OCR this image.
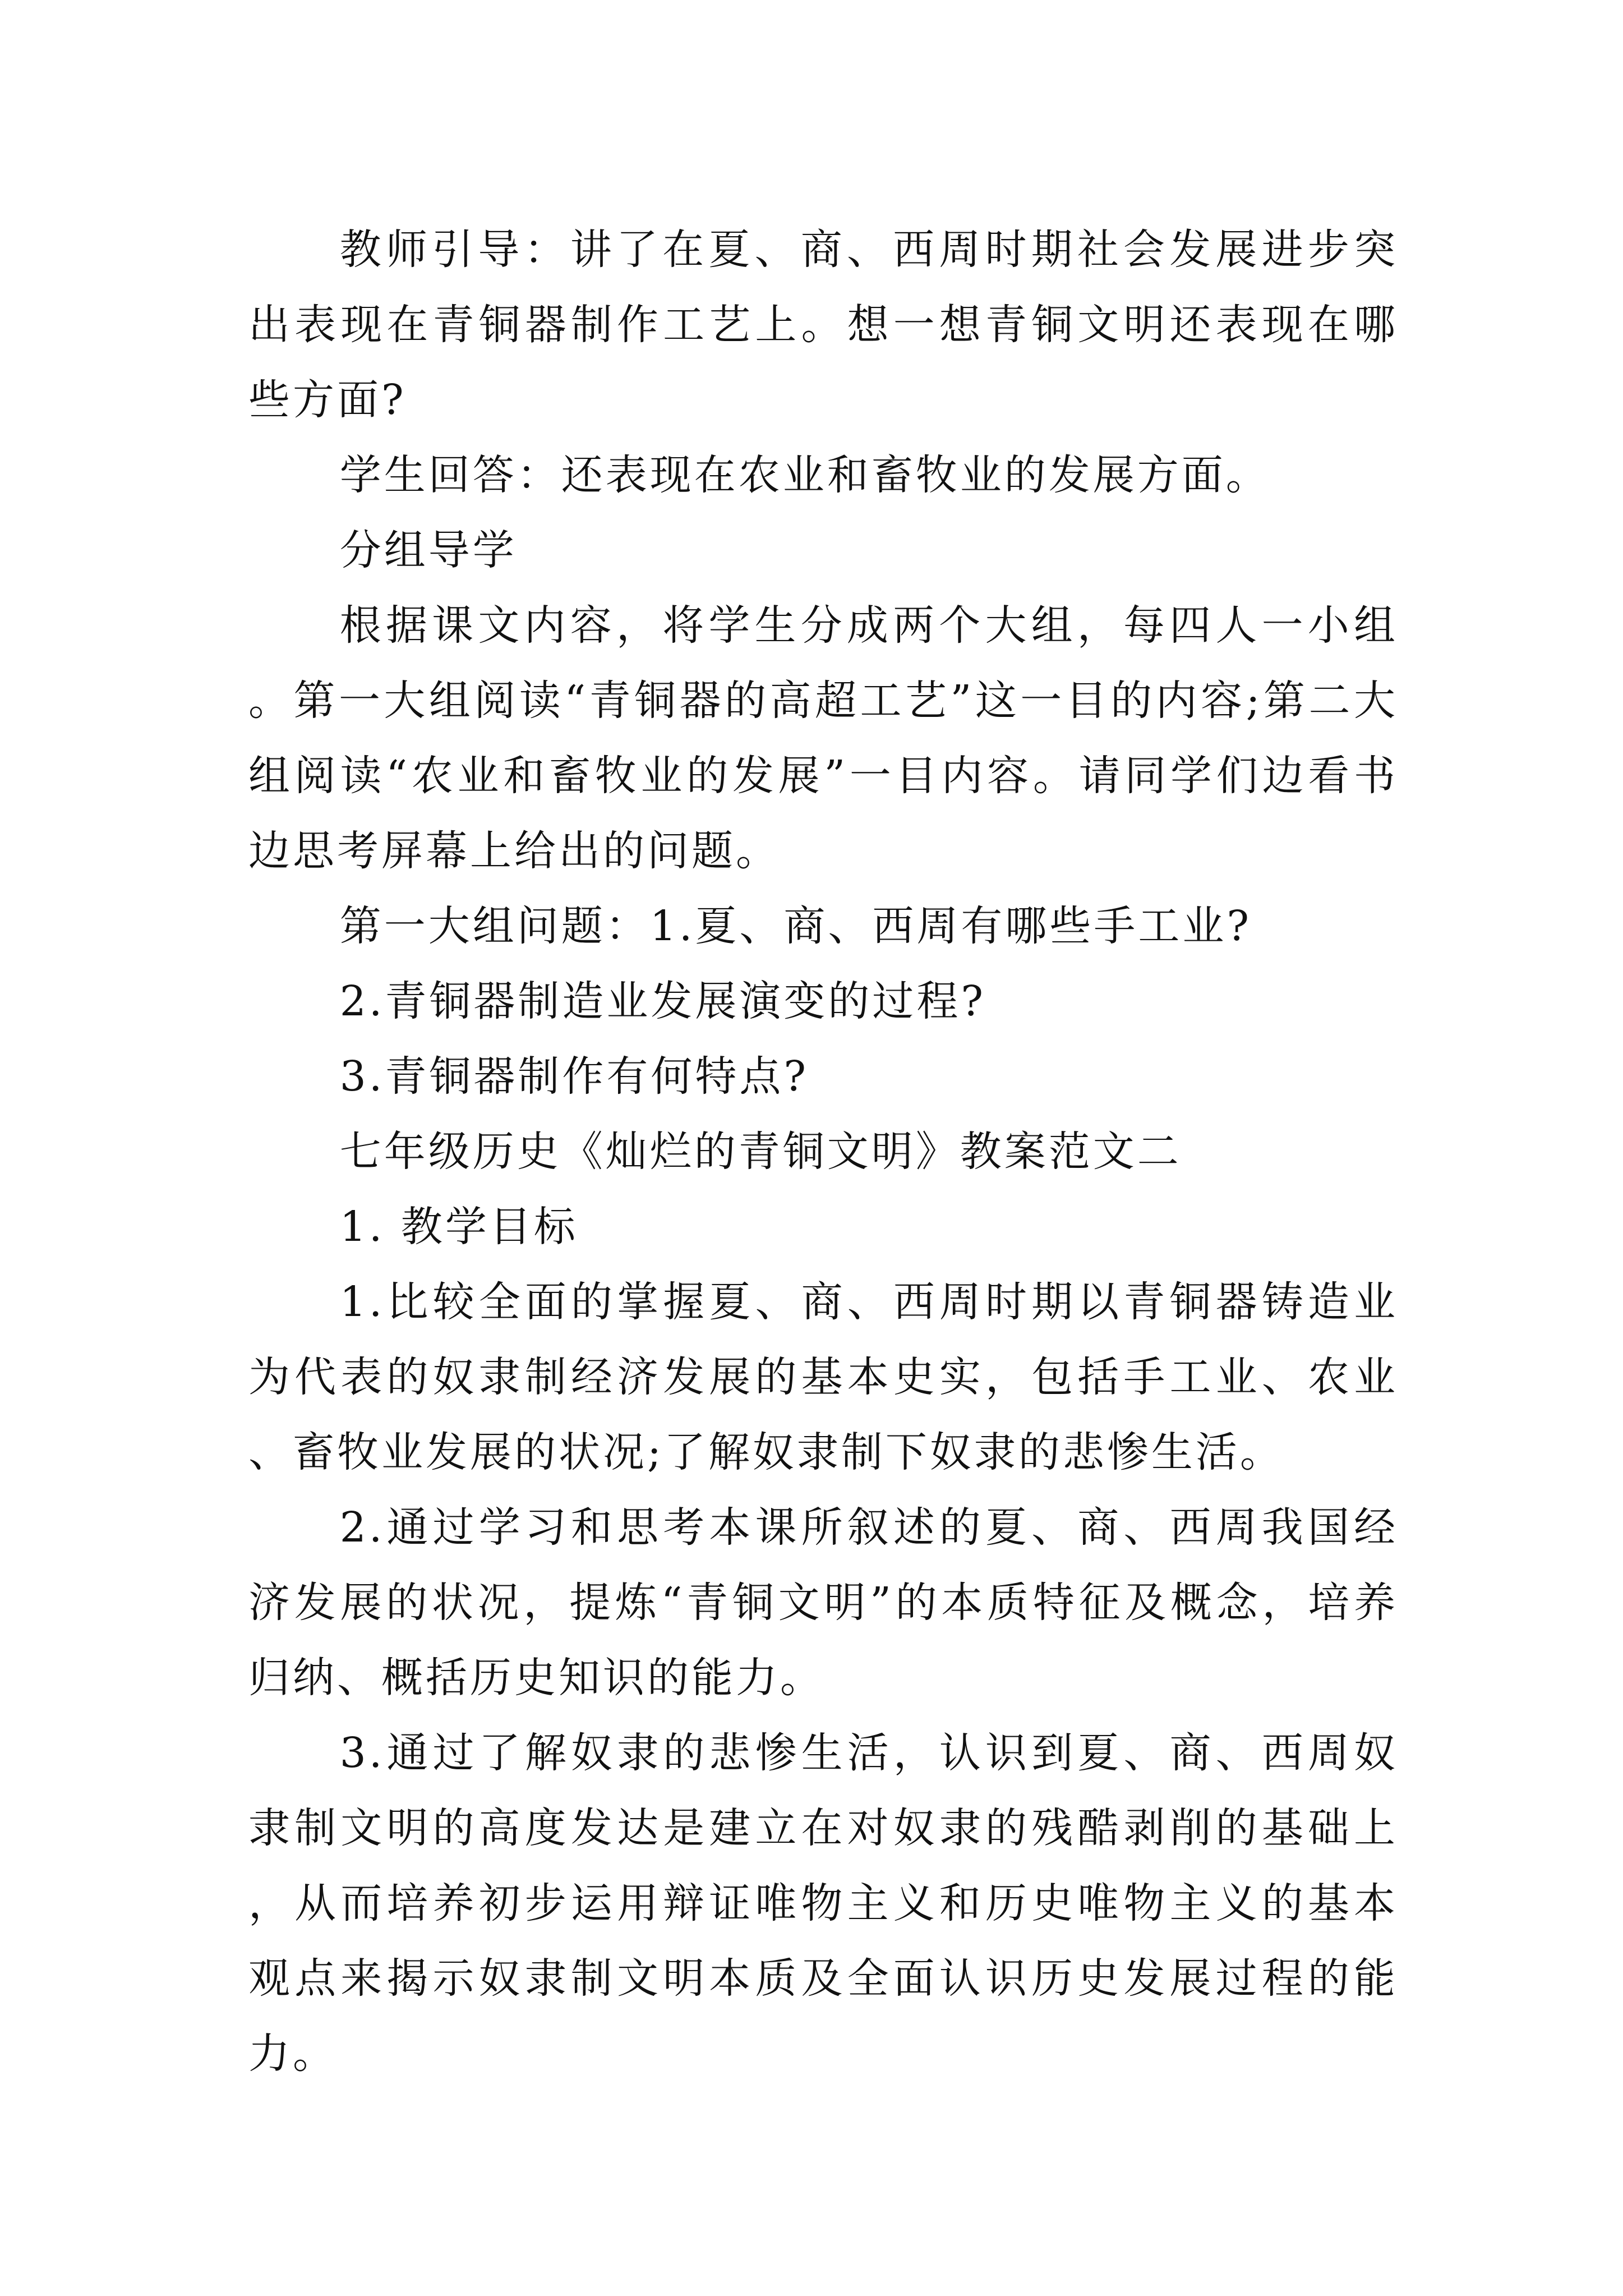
教师引导：讲了在夏、商、西周时期社会发展进步突出表现在青铜器制作工艺上。想一想青铜文明还表现在哪些方面?

学生回答：还表现在农业和畜牧业的发展方面。

分组导学

根据课文内容，将学生分成两个大组，每四人一小组。第一大组阅读“青铜器的高超工艺”这一目的内容;第二大组阅读“农业和畜牧业的发展”一目内容。请同学们边看书边思考屏幕上给出的问题。

第一大组问题：1.夏、商、西周有哪些手工业?

2.青铜器制造业发展演变的过程?

3.青铜器制作有何特点?

七年级历史《灿烂的青铜文明》教案范文二

1. 教学目标

1.比较全面的掌握夏、商、西周时期以青铜器铸造业为代表的奴隶制经济发展的基本史实，包括手工业、农业、畜牧业发展的状况;了解奴隶制下奴隶的悲惨生活。

2.通过学习和思考本课所叙述的夏、商、西周我国经济发展的状况，提炼“青铜文明”的本质特征及概念，培养归纳、概括历史知识的能力。

3.通过了解奴隶的悲惨生活，认识到夏、商、西周奴隶制文明的高度发达是建立在对奴隶的残酷剥削的基础上，从而培养初步运用辩证唯物主义和历史唯物主义的基本观点来揭示奴隶制文明本质及全面认识历史发展过程的能力。
